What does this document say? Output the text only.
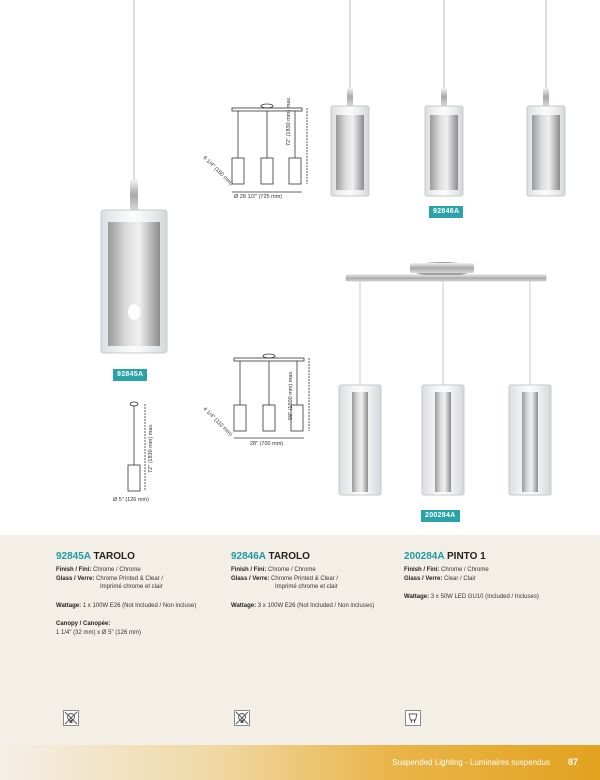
92845A
92846A
200284A
72" (1830 mm) max.
6 1/4" (160 mm)
Ø 28 1/2" (725 mm)
59" (1500 mm) max.
4 1/4" (110 mm)
28" (700 mm)
72" (1830 mm) max.
Ø 5" (126 mm)
92845A TAROLO
Finish / Fini: Chrome / Chrome
Glass / Verre: Chrome Printed & Clear /
Imprimé chrome et clair
Wattage: 1 x 100W E26 (Not Included / Non incluse)
Canopy / Canopée:
1 1/4" (32 mm) x Ø 5" (126 mm)
92846A TAROLO
Finish / Fini: Chrome / Chrome
Glass / Verre: Chrome Printed & Clear /
Imprimé chrome et clair
Wattage: 3 x 100W E26 (Not Included / Non incluses)
200284A PINTO 1
Finish / Fini: Chrome / Chrome
Glass / Verre: Clear / Clair
Wattage: 3 x 50W LED GU10 (Included / Incluses)
Suspended Lighting - Luminaires suspendus 87
